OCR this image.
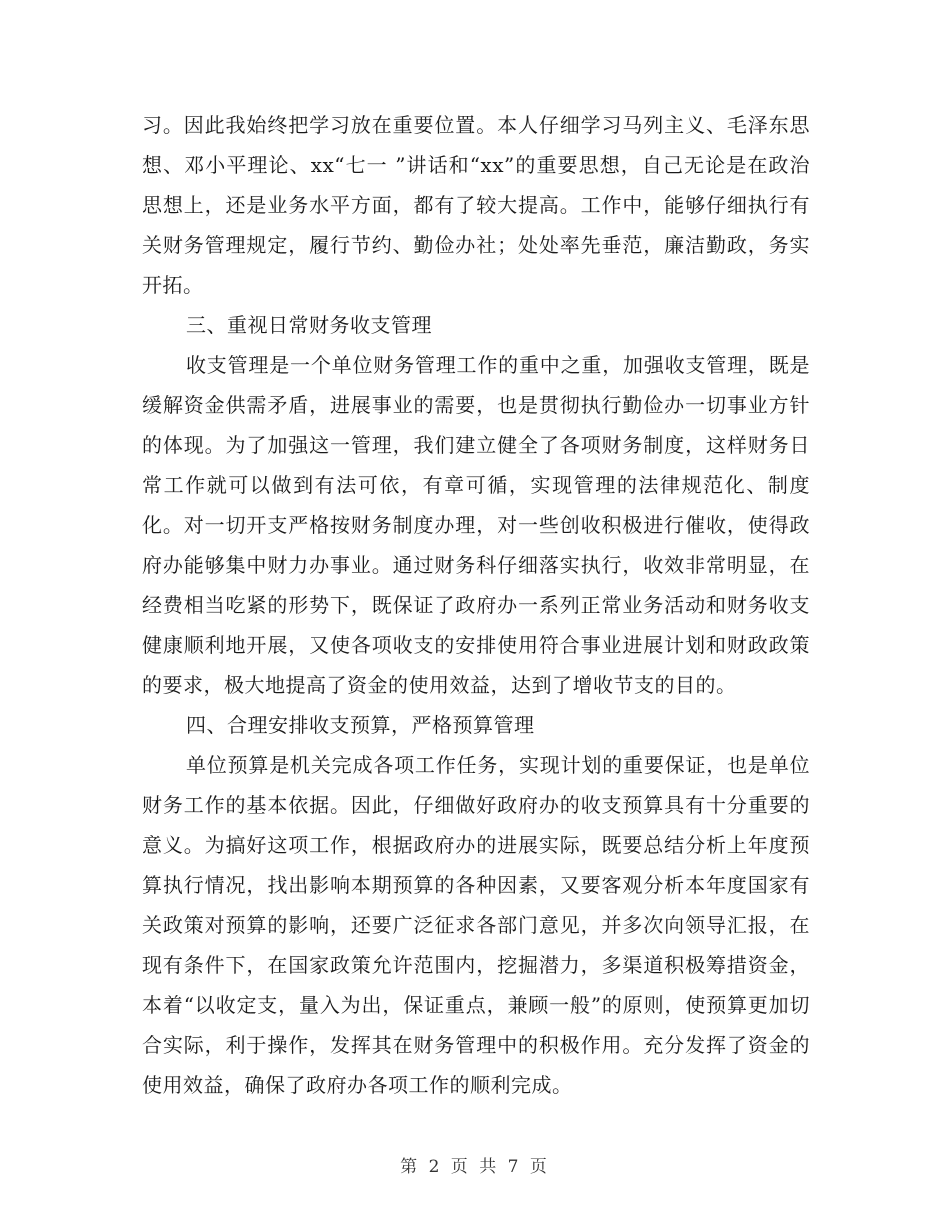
习。因此我始终把学习放在重要位置。本人仔细学习马列主义、毛泽东思想、邓小平理论、xx“七一 ”讲话和“xx”的重要思想，自己无论是在政治思想上，还是业务水平方面，都有了较大提高。工作中，能够仔细执行有关财务管理规定，履行节约、勤俭办社；处处率先垂范，廉洁勤政，务实开拓。

三、重视日常财务收支管理

收支管理是一个单位财务管理工作的重中之重，加强收支管理，既是缓解资金供需矛盾，进展事业的需要，也是贯彻执行勤俭办一切事业方针的体现。为了加强这一管理，我们建立健全了各项财务制度，这样财务日常工作就可以做到有法可依，有章可循，实现管理的法律规范化、制度化。对一切开支严格按财务制度办理，对一些创收积极进行催收，使得政府办能够集中财力办事业。通过财务科仔细落实执行，收效非常明显，在经费相当吃紧的形势下，既保证了政府办一系列正常业务活动和财务收支健康顺利地开展，又使各项收支的安排使用符合事业进展计划和财政政策的要求，极大地提高了资金的使用效益，达到了增收节支的目的。

四、合理安排收支预算，严格预算管理

单位预算是机关完成各项工作任务，实现计划的重要保证，也是单位财务工作的基本依据。因此，仔细做好政府办的收支预算具有十分重要的意义。为搞好这项工作，根据政府办的进展实际，既要总结分析上年度预算执行情况，找出影响本期预算的各种因素，又要客观分析本年度国家有关政策对预算的影响，还要广泛征求各部门意见，并多次向领导汇报，在现有条件下，在国家政策允许范围内，挖掘潜力，多渠道积极筹措资金，本着“以收定支，量入为出，保证重点，兼顾一般”的原则，使预算更加切合实际，利于操作，发挥其在财务管理中的积极作用。充分发挥了资金的使用效益，确保了政府办各项工作的顺利完成。

第 2 页 共 7 页
